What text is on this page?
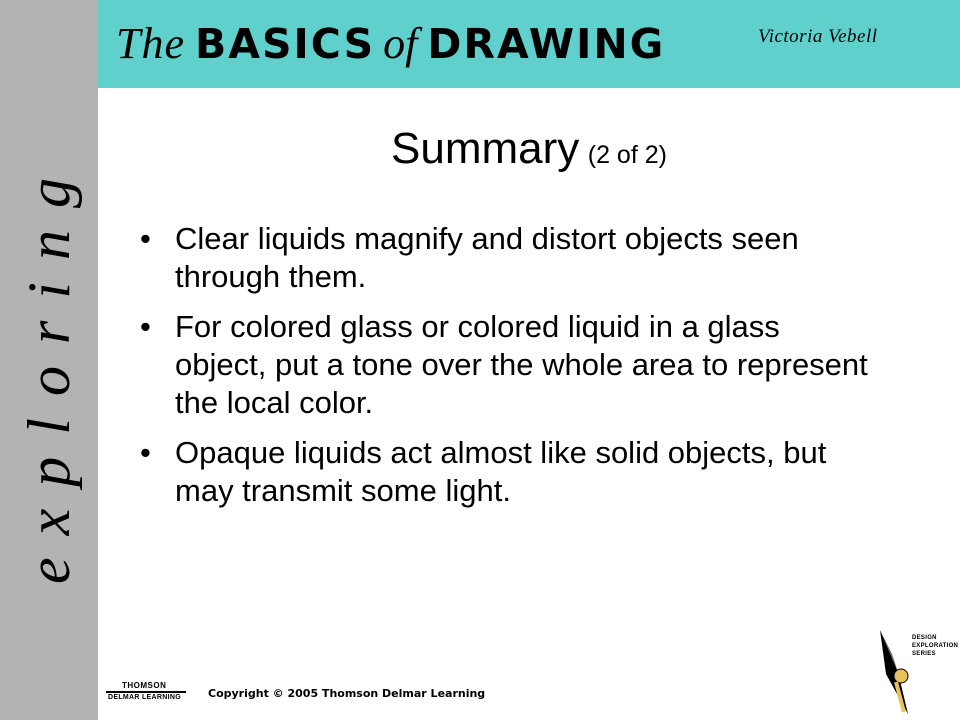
exploring
The BASICS of DRAWING	Victoria Vebell
Summary (2 of 2)
• Clear liquids magnify and distort objects seen through them.
• For colored glass or colored liquid in a glass object, put a tone over the whole area to represent the local color.
• Opaque liquids act almost like solid objects, but may transmit some light.
THOMSON
DELMAR LEARNING Copyright © 2005 Thomson Delmar Learning
DESIGN
EXPLORATION
SERIES
